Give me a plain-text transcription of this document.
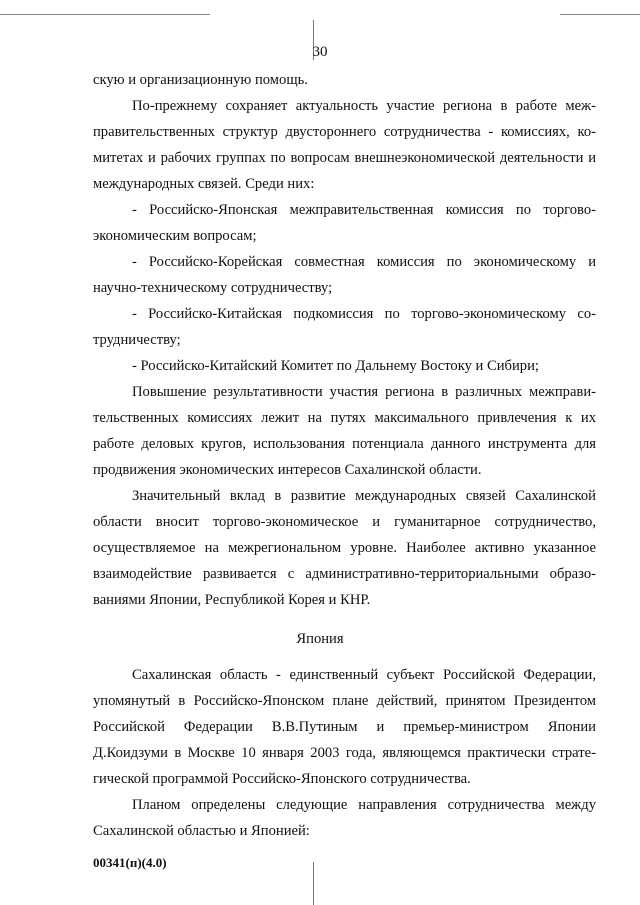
30

скую и организационную помощь.

По-прежнему сохраняет актуальность участие региона в работе меж-правительственных структур двустороннего сотрудничества - комиссиях, ко-митетах и рабочих группах по вопросам внешнеэкономической деятельности и международных связей. Среди них:

- Российско-Японская межправительственная комиссия по торгово-экономическим вопросам;

- Российско-Корейская совместная комиссия по экономическому и научно-техническому сотрудничеству;

- Российско-Китайская подкомиссия по торгово-экономическому со-трудничеству;

- Российско-Китайский Комитет по Дальнему Востоку и Сибири;

Повышение результативности участия региона в различных межправи-тельственных комиссиях лежит на путях максимального привлечения к их работе деловых кругов, использования потенциала данного инструмента для продвижения экономических интересов Сахалинской области.

Значительный вклад в развитие международных связей Сахалинской области вносит торгово-экономическое и гуманитарное сотрудничество, осуществляемое на межрегиональном уровне. Наиболее активно указанное взаимодействие развивается с административно-территориальными образо-ваниями Японии, Республикой Корея и КНР.

Япония

Сахалинская область - единственный субъект Российской Федерации, упомянутый в Российско-Японском плане действий, принятом Президентом Российской Федерации В.В.Путиным и премьер-министром Японии Д.Коидзуми в Москве 10 января 2003 года, являющемся практически страте-гической программой Российско-Японского сотрудничества.

Планом определены следующие направления сотрудничества между Сахалинской областью и Японией:

00341(п)(4.0)
